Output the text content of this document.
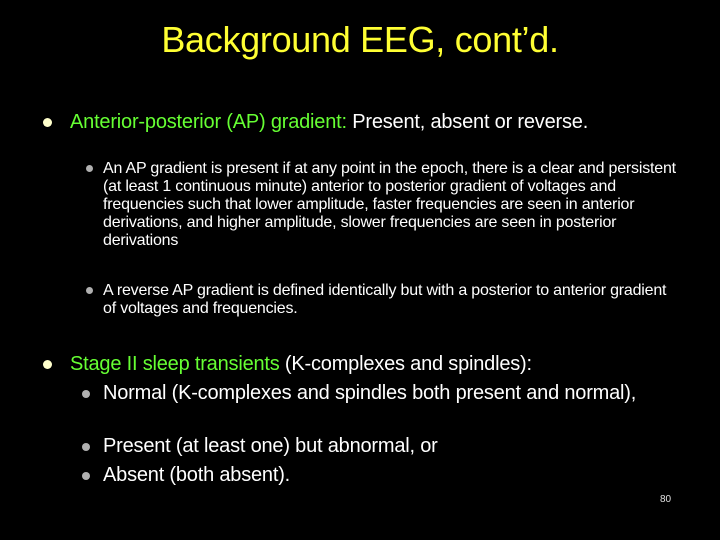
Background EEG, cont’d.
Anterior-posterior (AP) gradient: Present, absent or reverse.
An AP gradient is present if at any point in the epoch, there is a clear and persistent (at least 1 continuous minute) anterior to posterior gradient of voltages and frequencies such that lower amplitude, faster frequencies are seen in anterior derivations, and higher amplitude, slower frequencies are seen in posterior derivations
A reverse AP gradient is defined identically but with a posterior to anterior gradient of voltages and frequencies.
Stage II sleep transients (K-complexes and spindles):
Normal (K-complexes and spindles both present and normal),
Present (at least one) but abnormal, or
Absent (both absent).
80
